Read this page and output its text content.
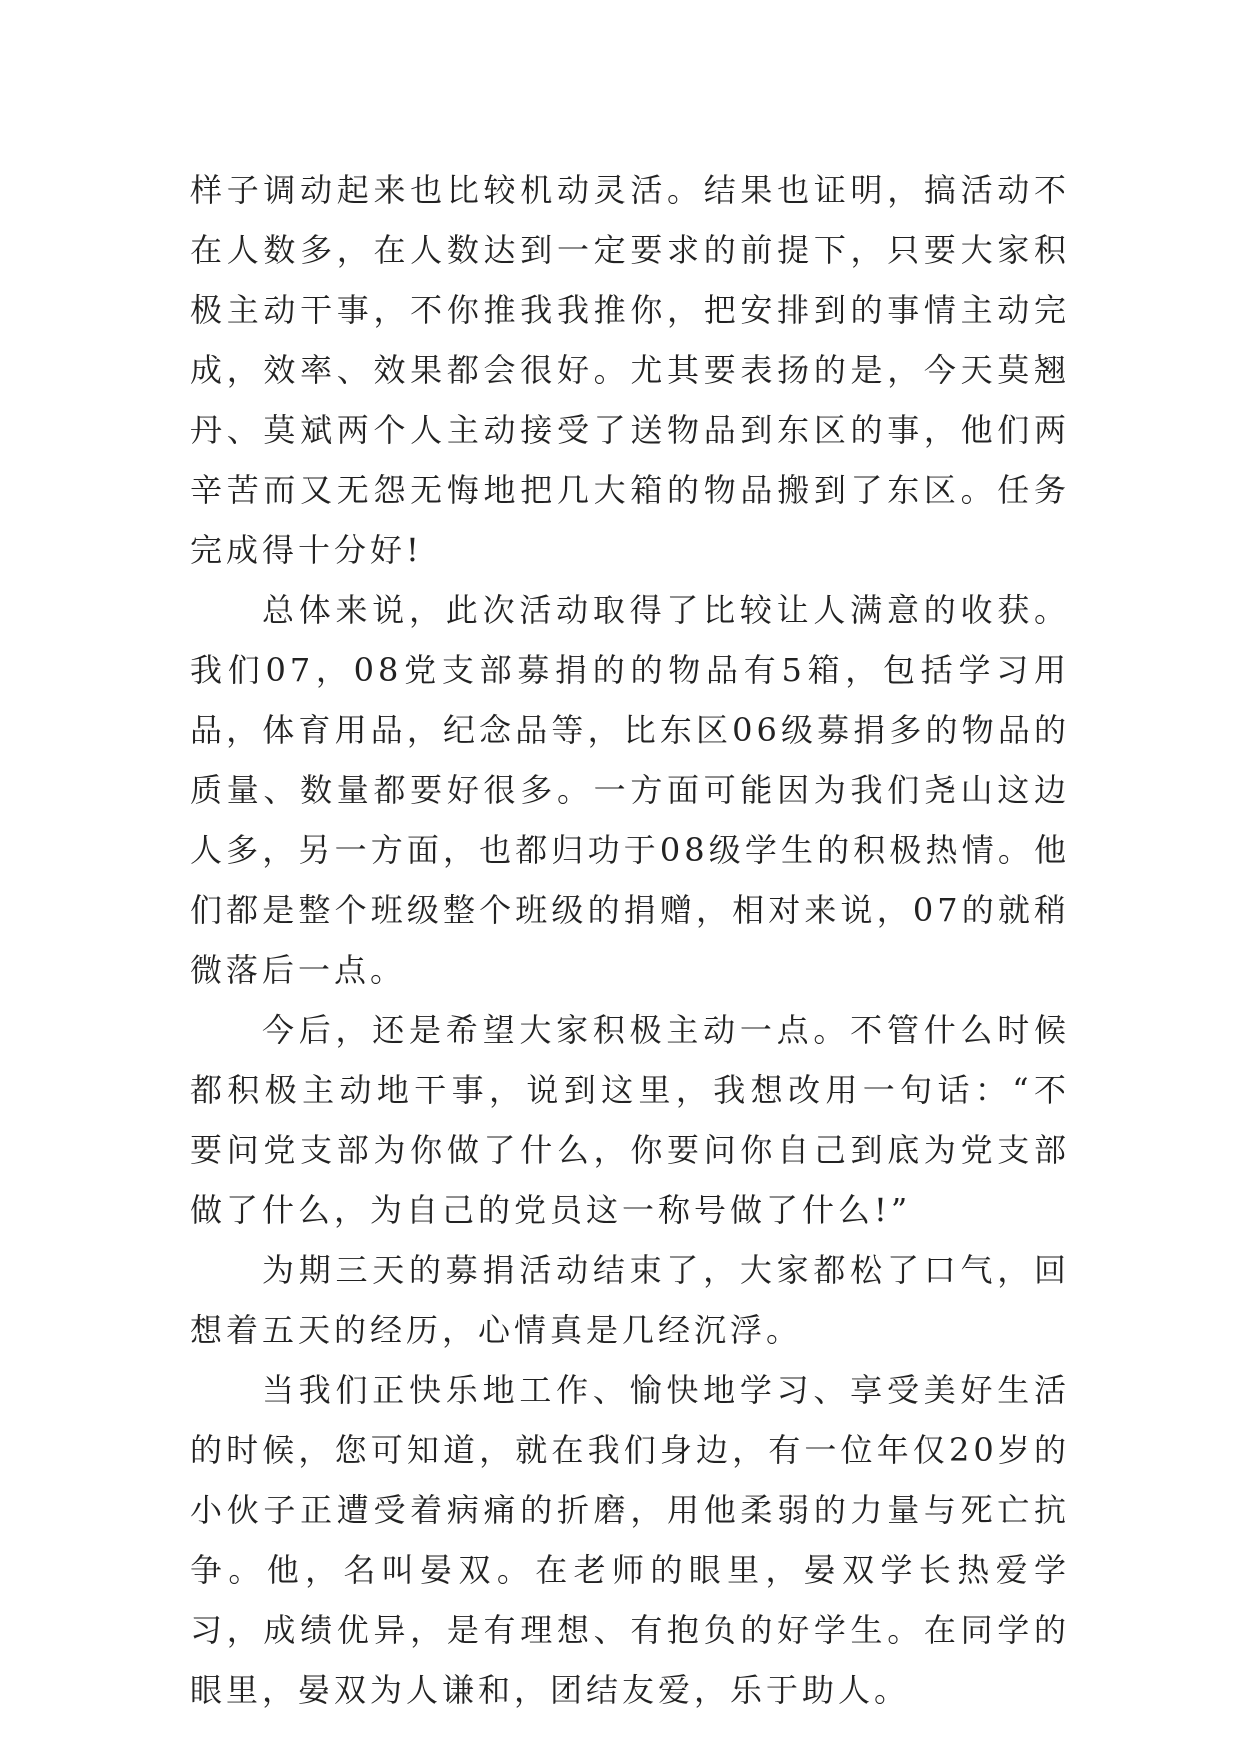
样子调动起来也比较机动灵活。结果也证明，搞活动不在人数多，在人数达到一定要求的前提下，只要大家积极主动干事，不你推我我推你，把安排到的事情主动完成，效率、效果都会很好。尤其要表扬的是，今天莫翘丹、莫斌两个人主动接受了送物品到东区的事，他们两辛苦而又无怨无悔地把几大箱的物品搬到了东区。任务完成得十分好!

总体来说，此次活动取得了比较让人满意的收获。我们07，08党支部募捐的的物品有5箱，包括学习用品，体育用品，纪念品等，比东区06级募捐多的物品的质量、数量都要好很多。一方面可能因为我们尧山这边人多，另一方面，也都归功于08级学生的积极热情。他们都是整个班级整个班级的捐赠，相对来说，07的就稍微落后一点。

今后，还是希望大家积极主动一点。不管什么时候都积极主动地干事，说到这里，我想改用一句话：“不要问党支部为你做了什么，你要问你自己到底为党支部做了什么，为自己的党员这一称号做了什么!”

为期三天的募捐活动结束了，大家都松了口气，回想着五天的经历，心情真是几经沉浮。

当我们正快乐地工作、愉快地学习、享受美好生活的时候，您可知道，就在我们身边，有一位年仅20岁的小伙子正遭受着病痛的折磨，用他柔弱的力量与死亡抗争。他，名叫晏双。在老师的眼里，晏双学长热爱学习，成绩优异，是有理想、有抱负的好学生。在同学的眼里，晏双为人谦和，团结友爱，乐于助人。
